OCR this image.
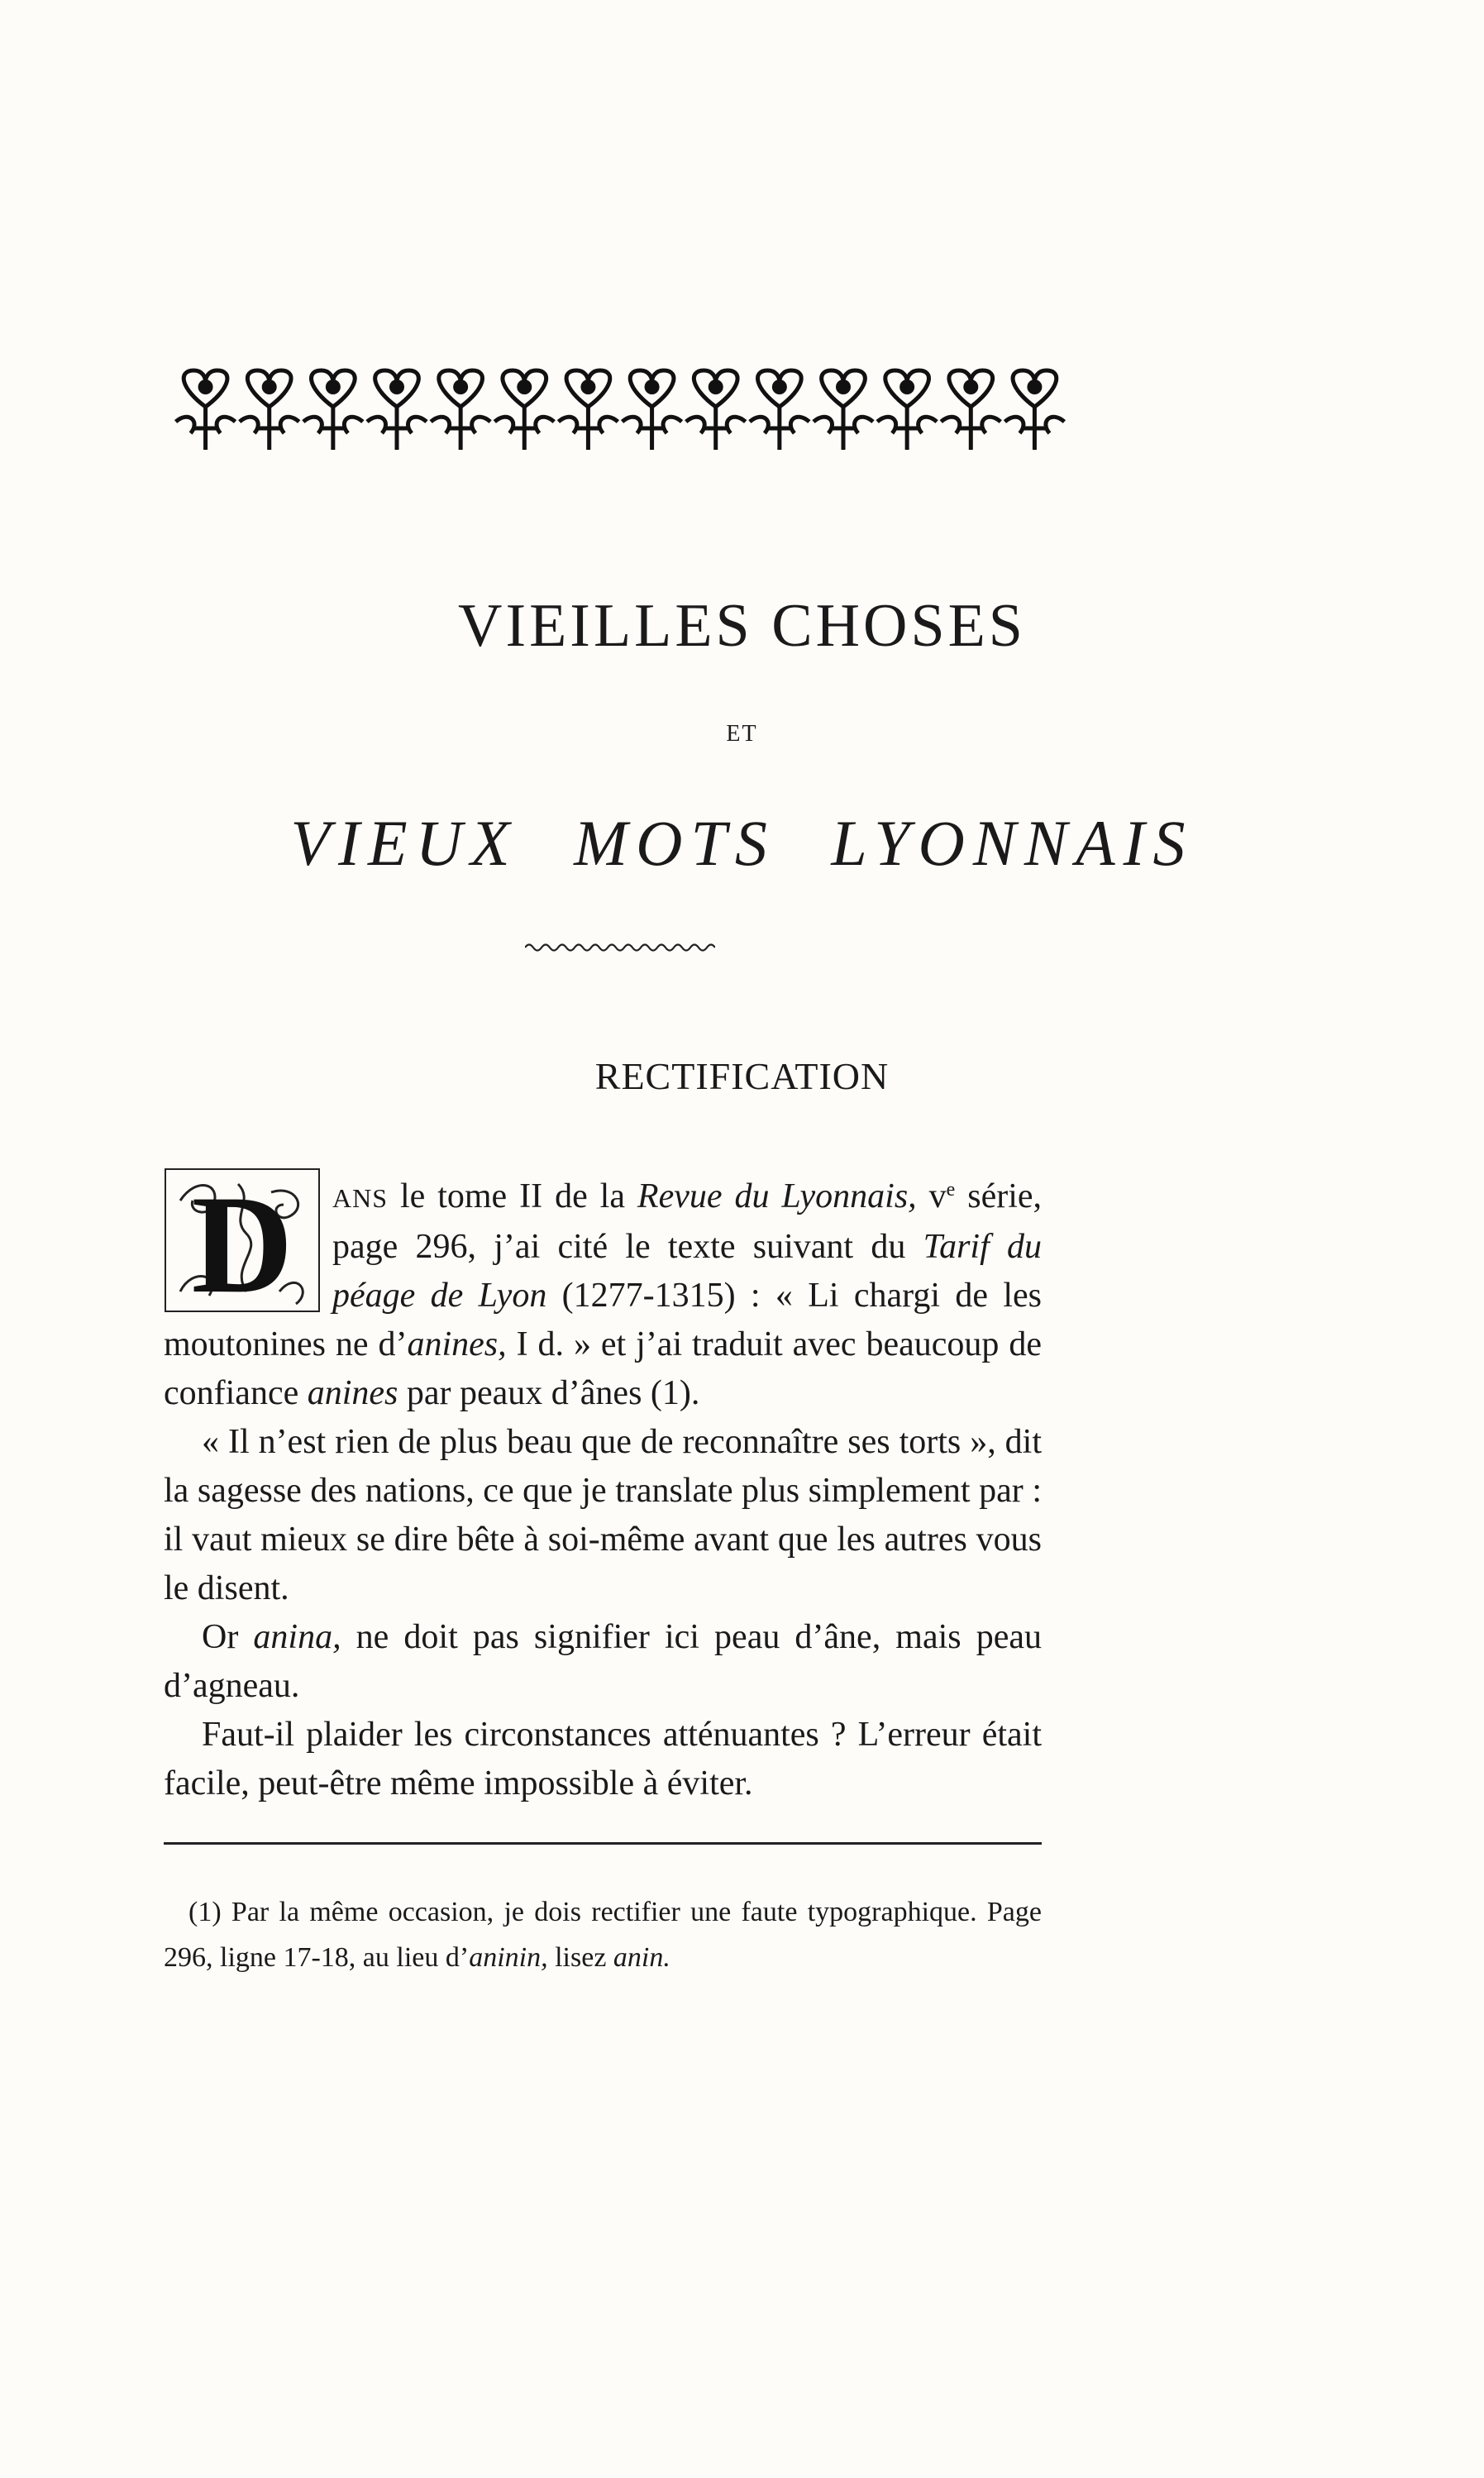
VIEILLES CHOSES
ET
VIEUX MOTS LYONNAIS
RECTIFICATION

D ANS le tome II de la Revue du Lyonnais, $v^e$ série, page 296, j’ai cité le texte suivant du Tarif du péage de Lyon (1277-1315) : « Li chargi de les moutonines ne d’anines, I d. » et j’ai traduit avec beaucoup de confiance anines par peaux d’ânes (1).

« Il n’est rien de plus beau que de reconnaître ses torts », dit la sagesse des nations, ce que je translate plus simplement par : il vaut mieux se dire bête à soi-même avant que les autres vous le disent.

Or anina, ne doit pas signifier ici peau d’âne, mais peau d’agneau.

Faut-il plaider les circonstances atténuantes ? L’erreur était facile, peut-être même impossible à éviter.

(1) Par la même occasion, je dois rectifier une faute typographique. Page 296, ligne 17-18, au lieu d’aninin, lisez anin.
